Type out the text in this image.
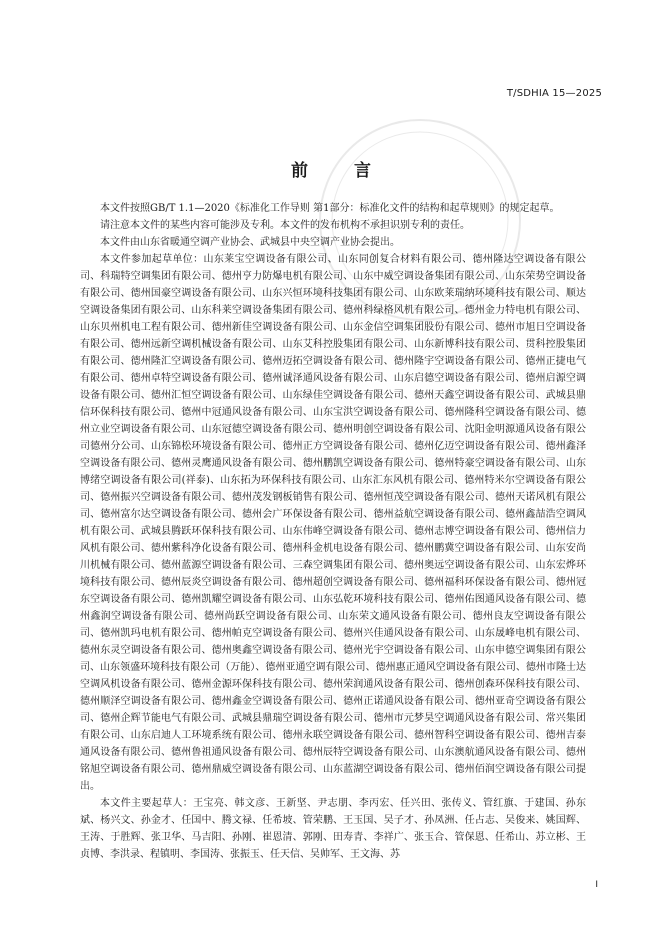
T/SDHIA 15—2025
前 言

本文件按照GB/T 1.1—2020《标准化工作导则 第1部分：标准化文件的结构和起草规则》的规定起草。

请注意本文件的某些内容可能涉及专利。本文件的发布机构不承担识别专利的责任。

本文件由山东省暖通空调产业协会、武城县中央空调产业协会提出。

本文件参加起草单位：山东莱宝空调设备有限公司、山东同创复合材料有限公司、德州隆达空调设备有限公司、科瑞特空调集团有限公司、德州亨力防爆电机有限公司、山东中威空调设备集团有限公司、山东荣势空调设备有限公司、德州国豪空调设备有限公司、山东兴恒环境科技集团有限公司、山东欧莱瑞纳环境科技有限公司、顺达空调设备集团有限公司、山东科莱空调设备集团有限公司、德州科绿格风机有限公司、德州金力特电机有限公司、山东贝州机电工程有限公司、德州新佳空调设备有限公司、山东金信空调集团股份有限公司、德州市旭日空调设备有限公司、德州远新空调机械设备有限公司、山东艾科控股集团有限公司、山东新博科技有限公司、贯科控股集团有限公司、德州隆汇空调设备有限公司、德州迈拓空调设备有限公司、德州隆宇空调设备有限公司、德州正捷电气有限公司、德州卓特空调设备有限公司、德州诚泽通风设备有限公司、山东启德空调设备有限公司、德州启源空调设备有限公司、德州汇恒空调设备有限公司、山东绿佳空调设备有限公司、德州天鑫空调设备有限公司、武城县鼎信环保科技有限公司、德州中冠通风设备有限公司、山东宝洪空调设备有限公司、德州隆科空调设备有限公司、德州立业空调设备有限公司、山东冠德空调设备有限公司、德州明创空调设备有限公司、沈阳金明源通风设备有限公司德州分公司、山东锦松环境设备有限公司、德州正方空调设备有限公司、德州亿迈空调设备有限公司、德州鑫泽空调设备有限公司、德州灵鹰通风设备有限公司、德州鹏凯空调设备有限公司、德州特豪空调设备有限公司、山东博绪空调设备有限公司(祥泰)、山东拓为环保科技有限公司、山东汇东风机有限公司、德州特米尔空调设备有限公司、德州振兴空调设备有限公司、德州茂发钢板销售有限公司、德州恒茂空调设备有限公司、德州天诺风机有限公司、德州富尔达空调设备有限公司、德州会广环保设备有限公司、德州益航空调设备有限公司、德州鑫喆浩空调风机有限公司、武城县腾跃环保科技有限公司、山东伟峰空调设备有限公司、德州志博空调设备有限公司、德州信力风机有限公司、德州紫科净化设备有限公司、德州科金机电设备有限公司、德州鹏冀空调设备有限公司、山东安尚川机械有限公司、德州蓝源空调设备有限公司、三森空调集团有限公司、德州奥远空调设备有限公司、山东宏烨环境科技有限公司、德州辰炎空调设备有限公司、德州超创空调设备有限公司、德州福科环保设备有限公司、德州冠东空调设备有限公司、德州凯耀空调设备有限公司、山东弘乾环境科技有限公司、德州佑图通风设备有限公司、德州鑫润空调设备有限公司、德州尚跃空调设备有限公司、山东荣文通风设备有限公司、德州良友空调设备有限公司、德州凯玛电机有限公司、德州帕克空调设备有限公司、德州兴佳通风设备有限公司、山东晟峰电机有限公司、德州东灵空调设备有限公司、德州奥鑫空调设备有限公司、德州光宇空调设备有限公司、山东申德空调集团有限公司、山东领盛环境科技有限公司（万能）、德州亚通空调有限公司、德州惠正通风空调设备有限公司、德州市隆士达空调风机设备有限公司、德州金源环保科技有限公司、德州荣润通风设备有限公司、德州创森环保科技有限公司、德州顺泽空调设备有限公司、德州鑫金空调设备有限公司、德州正诺通风设备有限公司、德州亚奇空调设备有限公司、德州企辉节能电气有限公司、武城县鼎瑞空调设备有限公司、德州市元梦昊空调通风设备有限公司、常兴集团有限公司、山东启迪人工环境系统有限公司、德州永联空调设备有限公司、德州智科空调设备有限公司、德州吉泰通风设备有限公司、德州鲁祖通风设备有限公司、德州辰特空调设备有限公司、山东澳航通风设备有限公司、德州铭旭空调设备有限公司、德州鼎威空调设备有限公司、山东蓝湖空调设备有限公司、德州佰润空调设备有限公司提出。

本文件主要起草人：王宝亮、韩文彦、王新坚、尹志朋、李丙宏、任兴田、张传义、管红旗、于建国、孙东斌、杨兴文、孙金才、任国中、腾文禄、任希坡、管荣鹏、王玉国、吴子才、孙凤洲、任占志、吴俊来、姚国辉、王涛、于胜辉、张卫华、马吉阳、孙刚、崔恩清、郭刚、田寿青、李祥广、张玉合、管保恩、任希山、苏立彬、王贞博、李洪录、程镇明、李国涛、张振玉、任天信、吴帅军、王文海、苏

I
